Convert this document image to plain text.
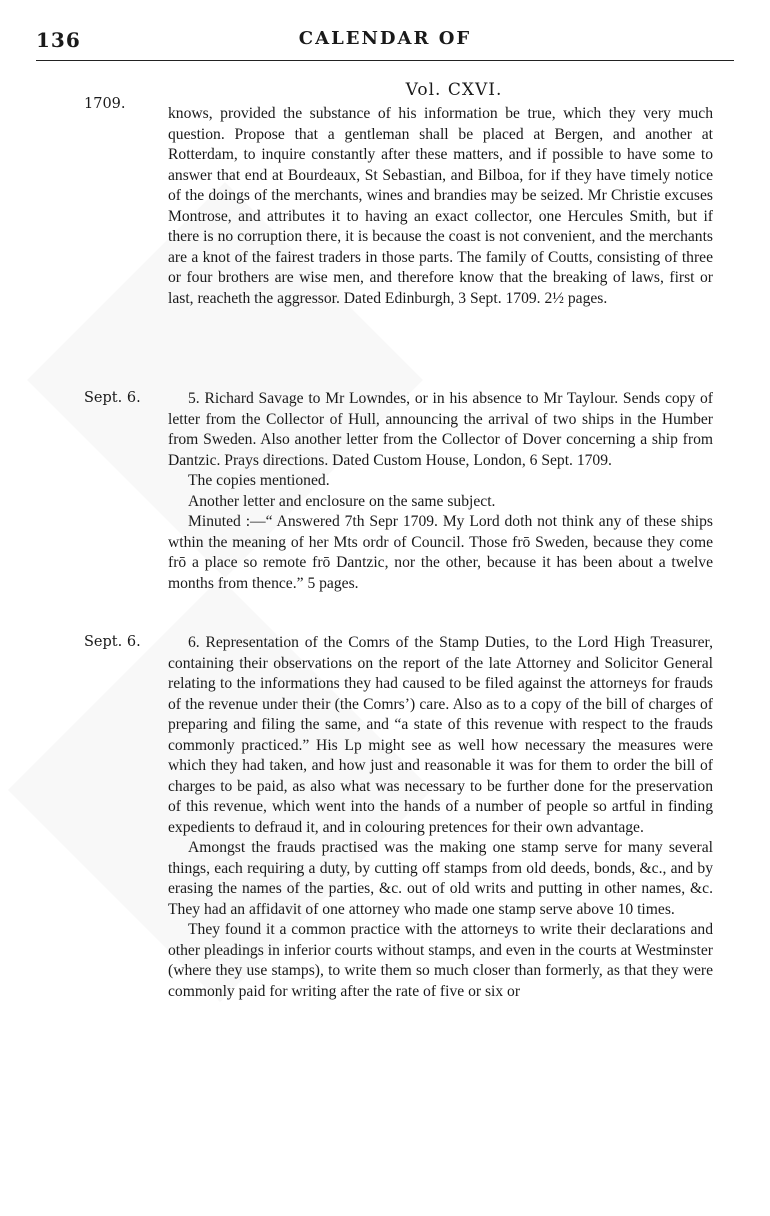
136	CALENDAR OF
Vol. CXVI.
1709.

knows, provided the substance of his information be true, which they very much question. Propose that a gentleman shall be placed at Bergen, and another at Rotterdam, to inquire constantly after these matters, and if possible to have some to answer that end at Bourdeaux, St Sebastian, and Bilboa, for if they have timely notice of the doings of the merchants, wines and brandies may be seized. Mr Christie excuses Montrose, and attributes it to having an exact collector, one Hercules Smith, but if there is no corruption there, it is because the coast is not convenient, and the merchants are a knot of the fairest traders in those parts. The family of Coutts, consisting of three or four brothers are wise men, and therefore know that the breaking of laws, first or last, reacheth the aggressor. Dated Edinburgh, 3 Sept. 1709. 2½ pages.

Sept. 6.	5. Richard Savage to Mr Lowndes, or in his absence to Mr Taylour. Sends copy of letter from the Collector of Hull, announcing the arrival of two ships in the Humber from Sweden. Also another letter from the Collector of Dover concerning a ship from Dantzic. Prays directions. Dated Custom House, London, 6 Sept. 1709.

The copies mentioned.

Another letter and enclosure on the same subject.

Minuted :—“ Answered 7th Sepr 1709. My Lord doth not think any of these ships wthin the meaning of her Mts ordr of Council. Those frō Sweden, because they come frō a place so remote frō Dantzic, nor the other, because it has been about a twelve months from thence.” 5 pages.

Sept. 6.	6. Representation of the Comrs of the Stamp Duties, to the Lord High Treasurer, containing their observations on the report of the late Attorney and Solicitor General relating to the informations they had caused to be filed against the attorneys for frauds of the revenue under their (the Comrs’) care. Also as to a copy of the bill of charges of preparing and filing the same, and “a state of this revenue with respect to the frauds commonly practiced.” His Lp might see as well how necessary the measures were which they had taken, and how just and reasonable it was for them to order the bill of charges to be paid, as also what was necessary to be further done for the preservation of this revenue, which went into the hands of a number of people so artful in finding expedients to defraud it, and in colouring pretences for their own advantage.

Amongst the frauds practised was the making one stamp serve for many several things, each requiring a duty, by cutting off stamps from old deeds, bonds, &c., and by erasing the names of the parties, &c. out of old writs and putting in other names, &c. They had an affidavit of one attorney who made one stamp serve above 10 times.

They found it a common practice with the attorneys to write their declarations and other pleadings in inferior courts without stamps, and even in the courts at Westminster (where they use stamps), to write them so much closer than formerly, as that they were commonly paid for writing after the rate of five or six or
